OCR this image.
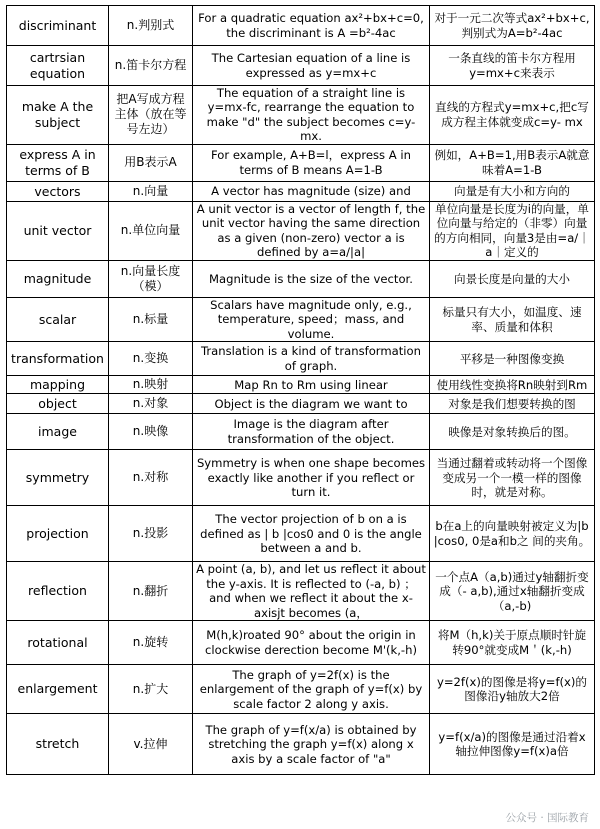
discriminant	n.判别式	For a quadratic equation ax²+bx+c=0, the discriminant is A =b²-4ac	对于一元二次等式ax²+bx+c,判别式为A=b²-4ac
cartrsian equation	n.笛卡尔方程	The Cartesian equation of a line is expressed as y=mx+c	一条直线的笛卡尔方程用y=mx+c来表示
make A the subject	把A写成方程主体（放在等号左边）	The equation of a straight line is y=mx-fc, rearrange the equation to make "d" the subject becomes c=y-mx.	直线的方程式y=mx+c,把c写成方程主体就变成c=y- mx
express A in terms of B	用B表示A	For example, A+B=l，express A in terms of B means A=1-B	例如，A+B=1,用B表示A就意味着A=1-B
vectors	n.向量	A vector has magnitude (size) and	向量是有大小和方向的
unit vector	n.单位向量	A unit vector is a vector of length f, the unit vector having the same direction as a given (non-zero) vector a is defined by a=a/|a|	单位向量是长度为i的向量，单位向量与给定的（非零）向量的方向相同，向量3是由=a/｜a｜定义的
magnitude	n.向量长度（模）	Magnitude is the size of the vector.	向景长度是向量的大小
scalar	n.标量	Scalars have magnitude only, e.g., temperature, speed；mass, and volume.	标量只有大小，如温度、速率、质量和体积
transformation	n.变换	Translation is a kind of transformation of graph.	平移是一种图像变换
mapping	n.映射	Map Rn to Rm using linear	使用线性变换将Rn映射到Rm
object	n.对象	Object is the diagram we want to	对象是我们想要转换的图
image	n.映像	Image is the diagram after transformation of the object.	映像是对象转换后的图。
symmetry	n.对称	Symmetry is when one shape becomes exactly like another if you reflect or turn it.	当通过翻着或转动将一个图像变成另一个一模一样的图像时，就是对称。
projection	n.投影	The vector projection of b on a is defined as | b |cos0 and 0 is the angle between a and b.	b在a上的向量映射被定义为|b |cos0, 0是a和b之 间的夹角。
reflection	n.翻折	A point (a, b), and let us reflect it about the y-axis. It is reflected to (-a, b) ； and when we reflect it about the x- axisjt becomes (a，	一个点A（a,b)通过y轴翻折变成（- a,b),通过x轴翻折变成（a,-b)
rotational	n.旋转	M(h,k)roated 90° about the origin in clockwise derection become M'(k,-h)	将M（h,k)关于原点顺时针旋转90°就变成M＇(k,-h)
enlargement	n.扩大	The graph of y=2f(x) is the enlargement of the graph of y=f(x) by scale factor 2 along y axis.	y=2f(x)的图像是将y=f(x)的图像沿y轴放大2倍
stretch	v.拉伸	The graph of y=f(x/a) is obtained by stretching the graph y=f(x) along x axis by a scale factor of "a"	y=f(x/a)的图像是通过沿着x轴拉伸图像y=f(x)a倍
公众号 · 国际教育
